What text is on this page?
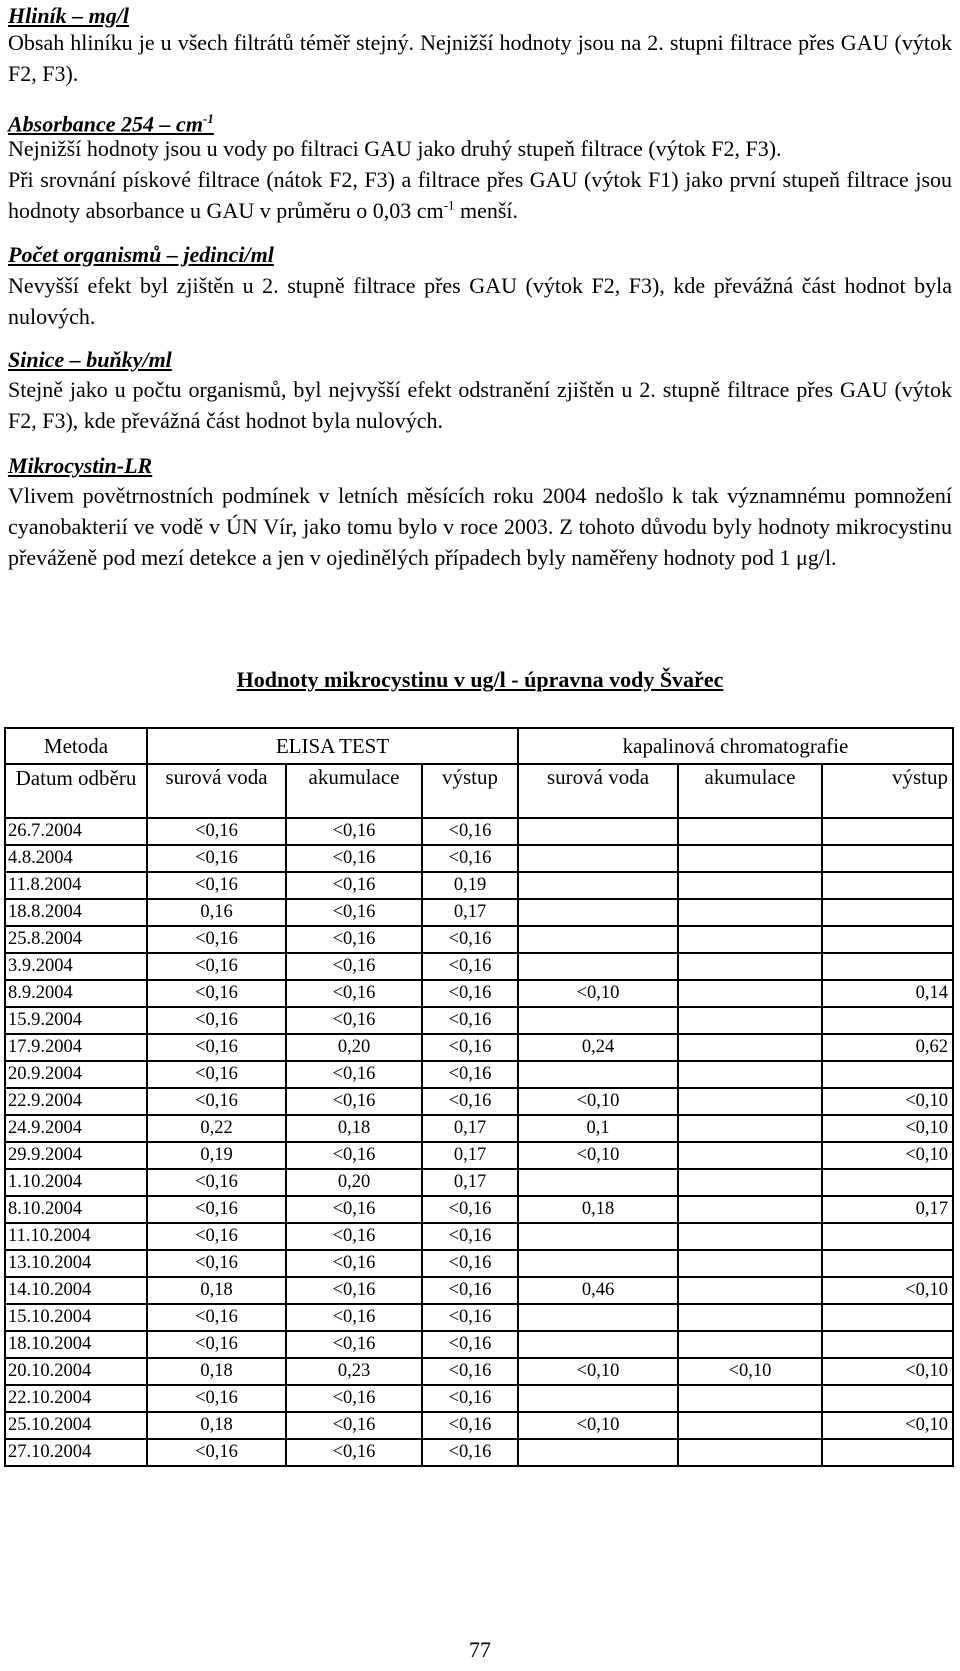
Hliník – mg/l

Obsah hliníku je u všech filtrátů téměř stejný. Nejnižší hodnoty jsou na 2. stupni filtrace přes GAU (výtok F2, F3).

Absorbance $254 - cm^{-1}$

Nejnižší hodnoty jsou u vody po filtraci GAU jako druhý stupeň filtrace (výtok F2, F3).

Při srovnání pískové filtrace (nátok F2, F3) a filtrace přes GAU (výtok F1) jako první stupeň filtrace jsou hodnoty absorbance u GAU v průměru o 0,03 $cm^{-1}$ menší.

Počet organismů – jedinci/ml

Nevyšší efekt byl zjištěn u 2. stupně filtrace přes GAU (výtok F2, F3), kde převážná část hodnot byla nulových.

Sinice – buňky/ml

Stejně jako u počtu organismů, byl nejvyšší efekt odstranění zjištěn u 2. stupně filtrace přes GAU (výtok F2, F3), kde převážná část hodnot byla nulových.

Mikrocystin-LR

Vlivem povětrnostních podmínek v letních měsících roku 2004 nedošlo k tak významnému pomnožení cyanobakterií ve vodě v ÚN Vír, jako tomu bylo v roce 2003. Z tohoto důvodu byly hodnoty mikrocystinu převáženě pod mezí detekce a jen v ojedinělých případech byly naměřeny hodnoty pod 1 μg/l.

Hodnoty mikrocystinu v ug/l - úpravna vody Švařec
Metoda	ELISA TEST			kapalinová chromatografie		
Datum odběru	surová voda	akumulace	výstup	surová voda	akumulace	výstup
26.7.2004	<0,16	<0,16	<0,16			
4.8.2004	<0,16	<0,16	<0,16			
11.8.2004	<0,16	<0,16	0,19			
18.8.2004	0,16	<0,16	0,17			
25.8.2004	<0,16	<0,16	<0,16			
3.9.2004	<0,16	<0,16	<0,16			
8.9.2004	<0,16	<0,16	<0,16	<0,10		0,14
15.9.2004	<0,16	<0,16	<0,16			
17.9.2004	<0,16	0,20	<0,16	0,24		0,62
20.9.2004	<0,16	<0,16	<0,16			
22.9.2004	<0,16	<0,16	<0,16	<0,10		<0,10
24.9.2004	0,22	0,18	0,17	0,1		<0,10
29.9.2004	0,19	<0,16	0,17	<0,10		<0,10
1.10.2004	<0,16	0,20	0,17			
8.10.2004	<0,16	<0,16	<0,16	0,18		0,17
11.10.2004	<0,16	<0,16	<0,16			
13.10.2004	<0,16	<0,16	<0,16			
14.10.2004	0,18	<0,16	<0,16	0,46		<0,10
15.10.2004	<0,16	<0,16	<0,16			
18.10.2004	<0,16	<0,16	<0,16			
20.10.2004	0,18	0,23	<0,16	<0,10	<0,10	<0,10
22.10.2004	<0,16	<0,16	<0,16			
25.10.2004	0,18	<0,16	<0,16	<0,10		<0,10
27.10.2004	<0,16	<0,16	<0,16			
77
